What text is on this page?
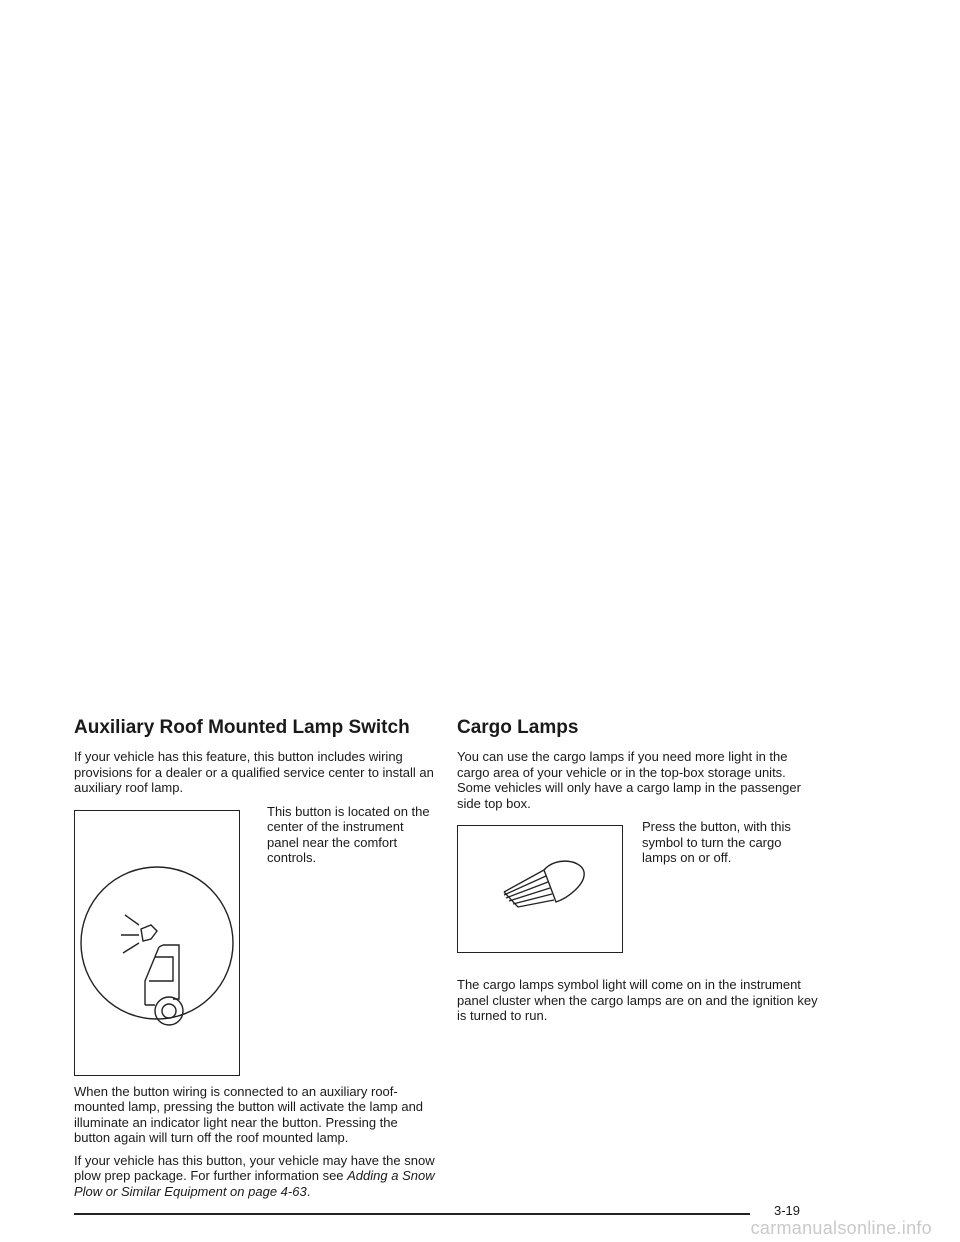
Auxiliary Roof Mounted Lamp Switch

If your vehicle has this feature, this button includes wiring provisions for a dealer or a qualified service center to install an auxiliary roof lamp.

This button is located on the center of the instrument panel near the comfort controls.

When the button wiring is connected to an auxiliary roof-mounted lamp, pressing the button will activate the lamp and illuminate an indicator light near the button. Pressing the button again will turn off the roof mounted lamp.

If your vehicle has this button, your vehicle may have the snow plow prep package. For further information see Adding a Snow Plow or Similar Equipment on page 4-63.

Cargo Lamps

You can use the cargo lamps if you need more light in the cargo area of your vehicle or in the top-box storage units. Some vehicles will only have a cargo lamp in the passenger side top box.

Press the button, with this symbol to turn the cargo lamps on or off.

The cargo lamps symbol light will come on in the instrument panel cluster when the cargo lamps are on and the ignition key is turned to run.

3-19
carmanualsonline.info
